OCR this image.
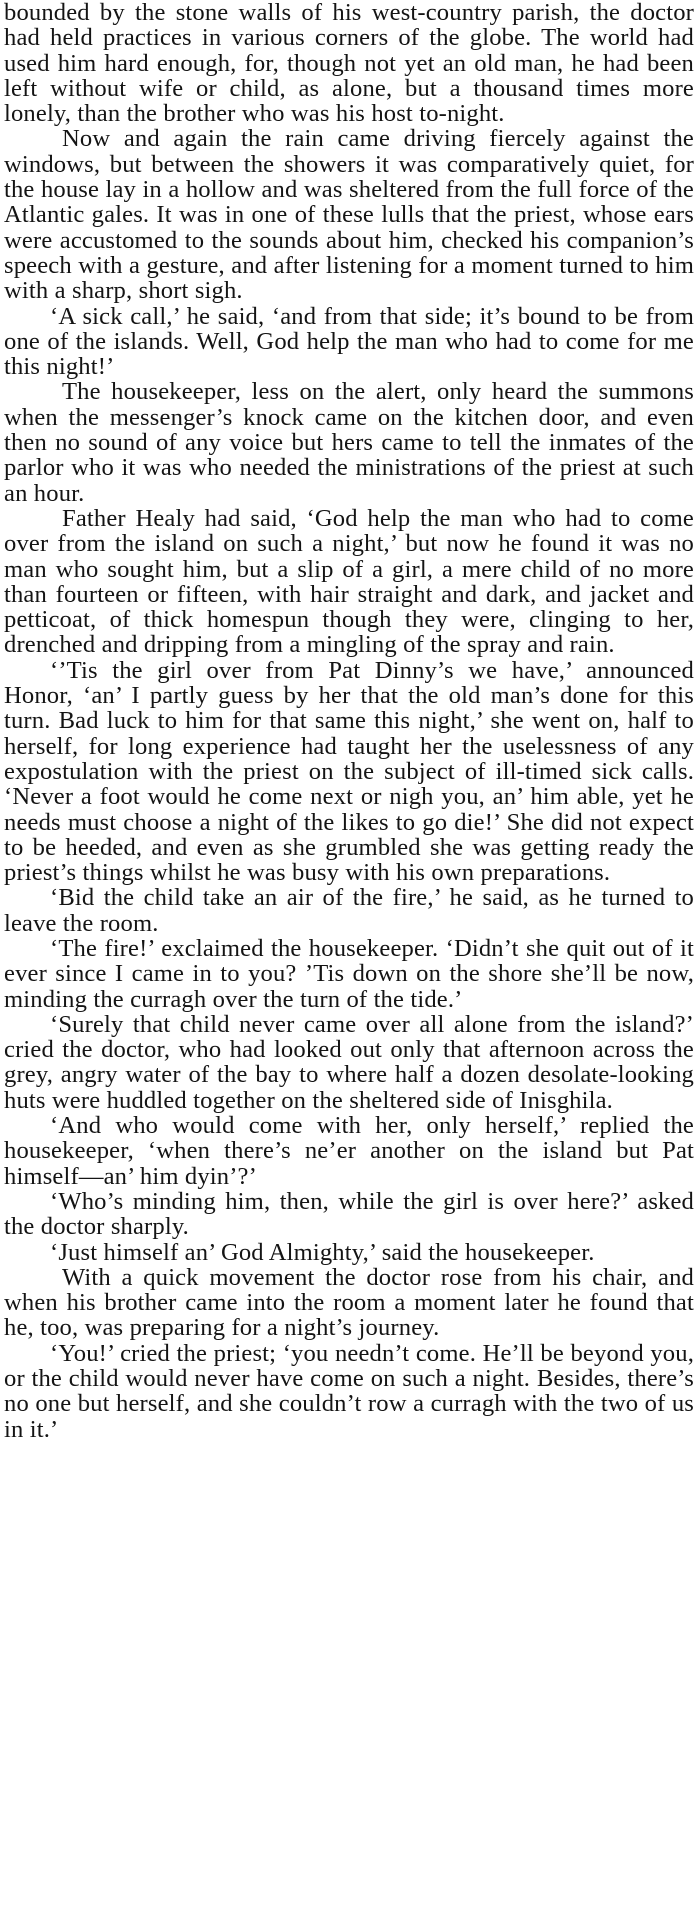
bounded by the stone walls of his west-country parish, the doctor had held practices in various corners of the globe. The world had used him hard enough, for, though not yet an old man, he had been left without wife or child, as alone, but a thousand times more lonely, than the brother who was his host to-night.

Now and again the rain came driving fiercely against the windows, but between the showers it was comparatively quiet, for the house lay in a hollow and was sheltered from the full force of the Atlantic gales. It was in one of these lulls that the priest, whose ears were accustomed to the sounds about him, checked his companion’s speech with a gesture, and after listening for a moment turned to him with a sharp, short sigh.

‘A sick call,’ he said, ‘and from that side; it’s bound to be from one of the islands. Well, God help the man who had to come for me this night!’

The housekeeper, less on the alert, only heard the summons when the messenger’s knock came on the kitchen door, and even then no sound of any voice but hers came to tell the inmates of the parlor who it was who needed the ministrations of the priest at such an hour.

Father Healy had said, ‘God help the man who had to come over from the island on such a night,’ but now he found it was no man who sought him, but a slip of a girl, a mere child of no more than fourteen or fifteen, with hair straight and dark, and jacket and petticoat, of thick homespun though they were, clinging to her, drenched and dripping from a mingling of the spray and rain.

‘’Tis the girl over from Pat Dinny’s we have,’ announced Honor, ‘an’ I partly guess by her that the old man’s done for this turn. Bad luck to him for that same this night,’ she went on, half to herself, for long experience had taught her the uselessness of any expostulation with the priest on the subject of ill-timed sick calls. ‘Never a foot would he come next or nigh you, an’ him able, yet he needs must choose a night of the likes to go die!’ She did not expect to be heeded, and even as she grumbled she was getting ready the priest’s things whilst he was busy with his own preparations.

‘Bid the child take an air of the fire,’ he said, as he turned to leave the room.

‘The fire!’ exclaimed the housekeeper. ‘Didn’t she quit out of it ever since I came in to you? ’Tis down on the shore she’ll be now, minding the curragh over the turn of the tide.’

‘Surely that child never came over all alone from the island?’ cried the doctor, who had looked out only that afternoon across the grey, angry water of the bay to where half a dozen desolate-looking huts were huddled together on the sheltered side of Inisghila.

‘And who would come with her, only herself,’ replied the housekeeper, ‘when there’s ne’er another on the island but Pat himself—an’ him dyin’?’

‘Who’s minding him, then, while the girl is over here?’ asked the doctor sharply.

‘Just himself an’ God Almighty,’ said the housekeeper.

With a quick movement the doctor rose from his chair, and when his brother came into the room a moment later he found that he, too, was preparing for a night’s journey.

‘You!’ cried the priest; ‘you needn’t come. He’ll be beyond you, or the child would never have come on such a night. Besides, there’s no one but herself, and she couldn’t row a curragh with the two of us in it.’
